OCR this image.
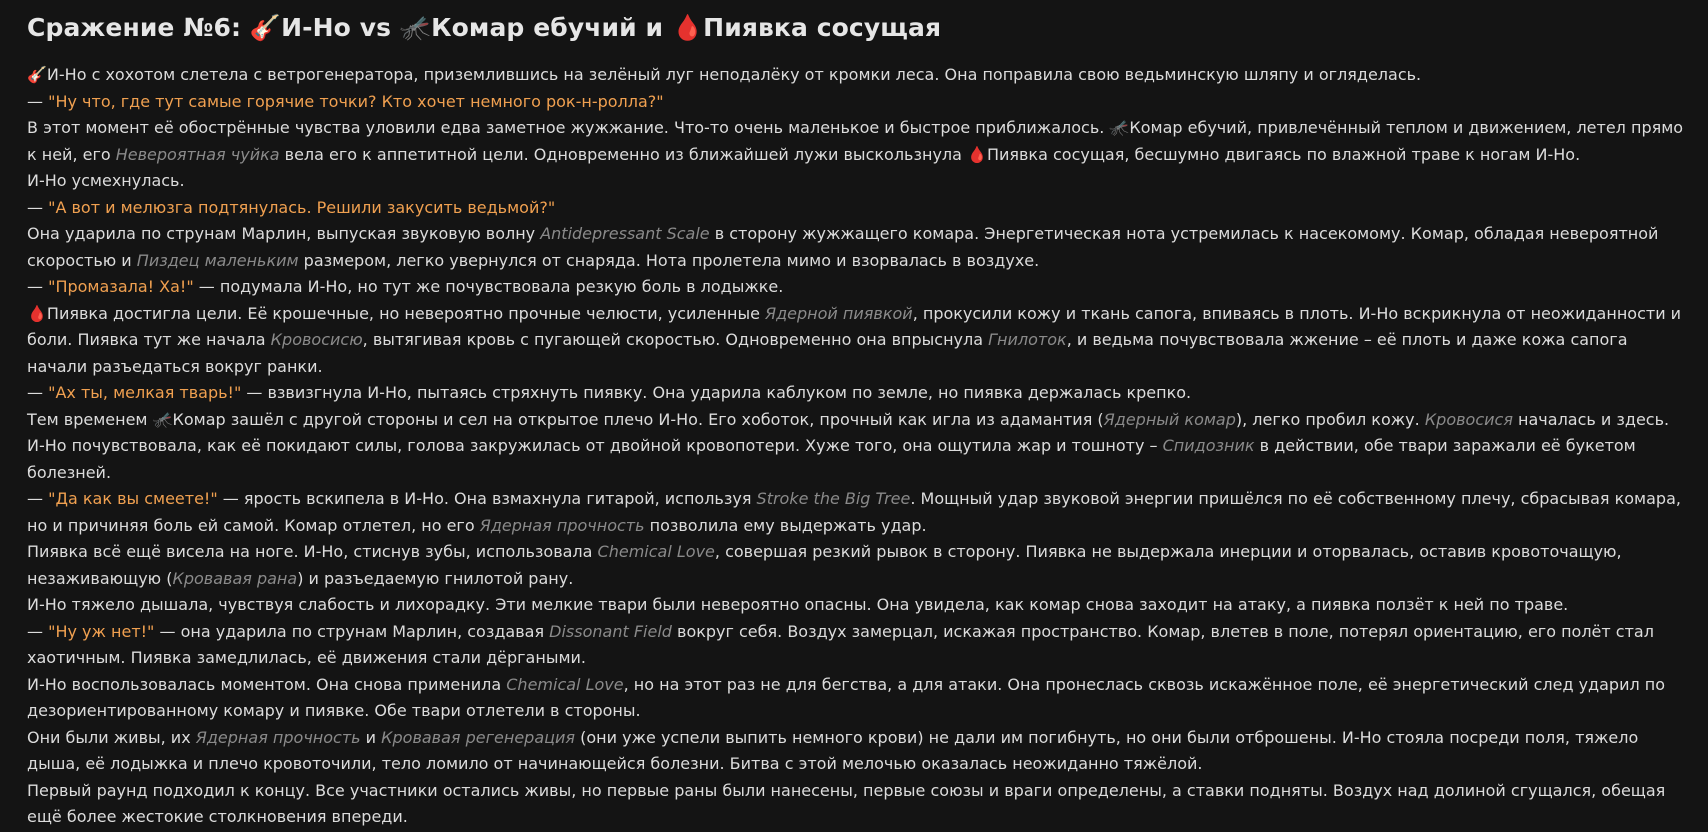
Сражение №6: 🎸И-Но vs 🦟Комар ебучий и 🩸Пиявка сосущая

🎸И-Но с хохотом слетела с ветрогенератора, приземлившись на зелёный луг неподалёку от кромки леса. Она поправила свою ведьминскую шляпу и огляделась.

— "Ну что, где тут самые горячие точки? Кто хочет немного рок-н-ролла?"

В этот момент её обострённые чувства уловили едва заметное жужжание. Что-то очень маленькое и быстрое приближалось. 🦟Комар ебучий, привлечённый теплом и движением, летел прямо к ней, его Невероятная чуйка вела его к аппетитной цели. Одновременно из ближайшей лужи выскользнула 🩸Пиявка сосущая, бесшумно двигаясь по влажной траве к ногам И-Но.

И-Но усмехнулась.

— "А вот и мелюзга подтянулась. Решили закусить ведьмой?"

Она ударила по струнам Марлин, выпуская звуковую волну Antidepressant Scale в сторону жужжащего комара. Энергетическая нота устремилась к насекомому. Комар, обладая невероятной скоростью и Пиздец маленьким размером, легко увернулся от снаряда. Нота пролетела мимо и взорвалась в воздухе.

— "Промазала! Ха!" — подумала И-Но, но тут же почувствовала резкую боль в лодыжке.

🩸Пиявка достигла цели. Её крошечные, но невероятно прочные челюсти, усиленные Ядерной пиявкой, прокусили кожу и ткань сапога, впиваясь в плоть. И-Но вскрикнула от неожиданности и боли. Пиявка тут же начала Кровосисю, вытягивая кровь с пугающей скоростью. Одновременно она впрыснула Гнилоток, и ведьма почувствовала жжение – её плоть и даже кожа сапога начали разъедаться вокруг ранки.

— "Ах ты, мелкая тварь!" — взвизгнула И-Но, пытаясь стряхнуть пиявку. Она ударила каблуком по земле, но пиявка держалась крепко.

Тем временем 🦟Комар зашёл с другой стороны и сел на открытое плечо И-Но. Его хоботок, прочный как игла из адамантия (Ядерный комар), легко пробил кожу. Кровосися началась и здесь. И-Но почувствовала, как её покидают силы, голова закружилась от двойной кровопотери. Хуже того, она ощутила жар и тошноту – Спидозник в действии, обе твари заражали её букетом болезней.

— "Да как вы смеете!" — ярость вскипела в И-Но. Она взмахнула гитарой, используя Stroke the Big Tree. Мощный удар звуковой энергии пришёлся по её собственному плечу, сбрасывая комара, но и причиняя боль ей самой. Комар отлетел, но его Ядерная прочность позволила ему выдержать удар.

Пиявка всё ещё висела на ноге. И-Но, стиснув зубы, использовала Chemical Love, совершая резкий рывок в сторону. Пиявка не выдержала инерции и оторвалась, оставив кровоточащую, незаживающую (Кровавая рана) и разъедаемую гнилотой рану.

И-Но тяжело дышала, чувствуя слабость и лихорадку. Эти мелкие твари были невероятно опасны. Она увидела, как комар снова заходит на атаку, а пиявка ползёт к ней по траве.

— "Ну уж нет!" — она ударила по струнам Марлин, создавая Dissonant Field вокруг себя. Воздух замерцал, искажая пространство. Комар, влетев в поле, потерял ориентацию, его полёт стал хаотичным. Пиявка замедлилась, её движения стали дёргаными.

И-Но воспользовалась моментом. Она снова применила Chemical Love, но на этот раз не для бегства, а для атаки. Она пронеслась сквозь искажённое поле, её энергетический след ударил по дезориентированному комару и пиявке. Обе твари отлетели в стороны.

Они были живы, их Ядерная прочность и Кровавая регенерация (они уже успели выпить немного крови) не дали им погибнуть, но они были отброшены. И-Но стояла посреди поля, тяжело дыша, её лодыжка и плечо кровоточили, тело ломило от начинающейся болезни. Битва с этой мелочью оказалась неожиданно тяжёлой.

Первый раунд подходил к концу. Все участники остались живы, но первые раны были нанесены, первые союзы и враги определены, а ставки подняты. Воздух над долиной сгущался, обещая ещё более жестокие столкновения впереди.
